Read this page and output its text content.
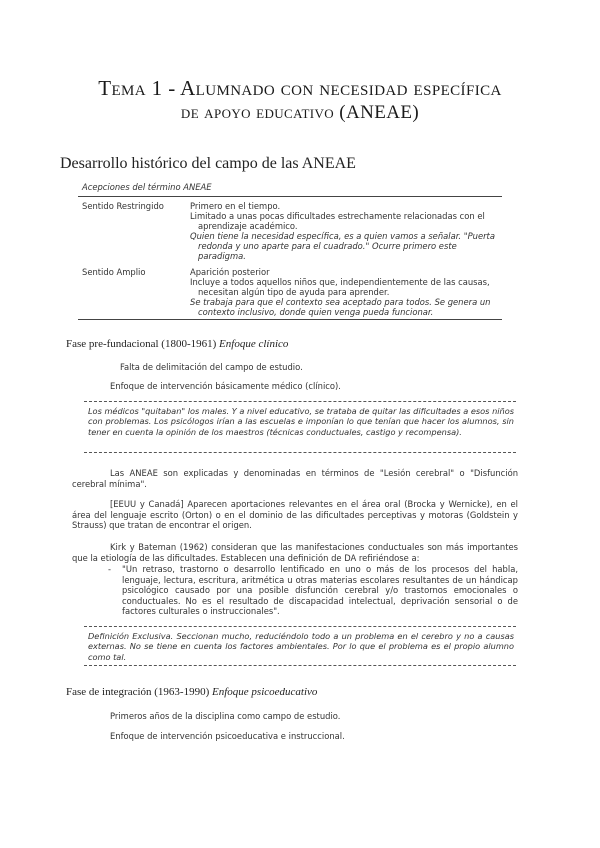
Tema 1 - Alumnado con necesidad específica
de apoyo educativo (ANEAE)
Desarrollo histórico del campo de las ANEAE
Acepciones del término ANEAE
Sentido Restringido	Primero en el tiempo.

Limitado a unas pocas dificultades estrechamente relacionadas con el aprendizaje académico.

Quien tiene la necesidad específica, es a quien vamos a señalar. "Puerta redonda y uno aparte para el cuadrado." Ocurre primero este paradigma.

Sentido Amplio	Aparición posterior

Incluye a todos aquellos niños que, independientemente de las causas, necesitan algún tipo de ayuda para aprender.

Se trabaja para que el contexto sea aceptado para todos. Se genera un contexto inclusivo, donde quien venga pueda funcionar.

Fase pre-fundacional (1800-1961) Enfoque clínico
Falta de delimitación del campo de estudio.
Enfoque de intervención básicamente médico (clínico).
Los médicos "quitaban" los males. Y a nivel educativo, se trataba de quitar las dificultades a esos niños con problemas. Los psicólogos irían a las escuelas e imponían lo que tenían que hacer los alumnos, sin tener en cuenta la opinión de los maestros (técnicas conductuales, castigo y recompensa).
Las ANEAE son explicadas y denominadas en términos de "Lesión cerebral" o "Disfunción cerebral mínima".
[EEUU y Canadá] Aparecen aportaciones relevantes en el área oral (Brocka y Wernicke), en el área del lenguaje escrito (Orton) o en el dominio de las dificultades perceptivas y motoras (Goldstein y Strauss) que tratan de encontrar el origen.
Kirk y Bateman (1962) consideran que las manifestaciones conductuales son más importantes que la etiología de las dificultades. Establecen una definición de DA refiriéndose a:
-	"Un retraso, trastorno o desarrollo lentificado en uno o más de los procesos del habla, lenguaje, lectura, escritura, aritmética u otras materias escolares resultantes de un hándicap psicológico causado por una posible disfunción cerebral y/o trastornos emocionales o conductuales. No es el resultado de discapacidad intelectual, deprivación sensorial o de factores culturales o instruccionales".
Definición Exclusiva. Seccionan mucho, reduciéndolo todo a un problema en el cerebro y no a causas externas. No se tiene en cuenta los factores ambientales. Por lo que el problema es el propio alumno como tal.
Fase de integración (1963-1990) Enfoque psicoeducativo
Primeros años de la disciplina como campo de estudio.
Enfoque de intervención psicoeducativa e instruccional.
